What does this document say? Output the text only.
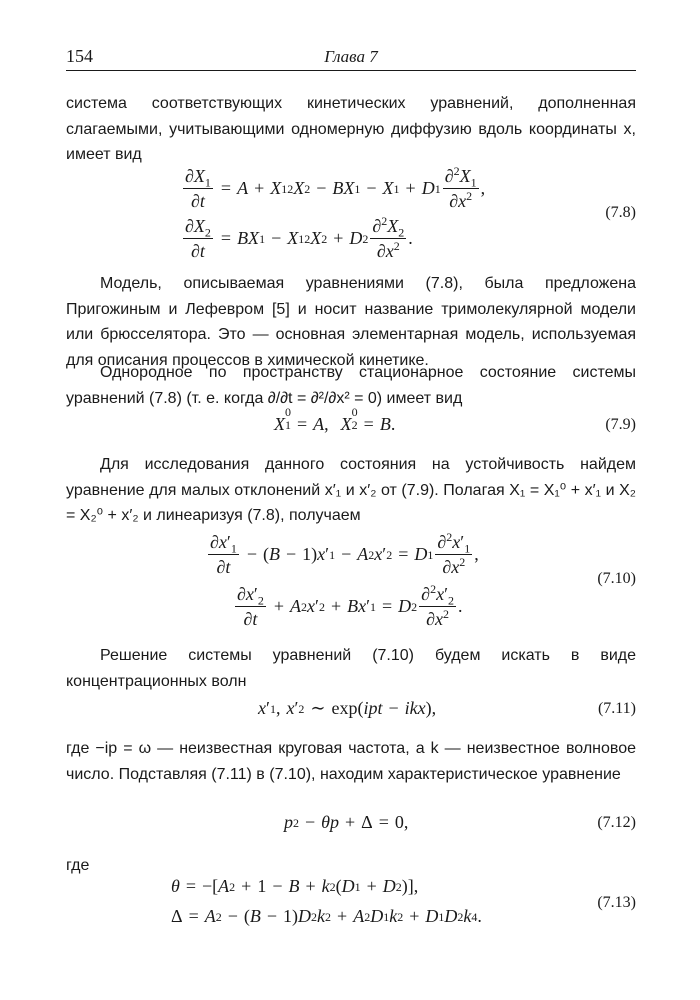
154	Глава 7

система соответствующих кинетических уравнений, дополненная слагаемыми, учитывающими одномерную диффузию вдоль координаты x, имеет вид

$\frac{\partial X_1}{\partial t} = A + X$ 1 2 X 2 − BX 1 − X 1 + D $1 \frac{\partial^2X_1}{\partial x^2}$ ,
$\frac{\partial X_2}{\partial t}$ = BX 1 − X 1 2 X 2 + D $2 \frac{\partial^2X_2}{\partial x^2}$ .
(7.8)

Модель, описываемая уравнениями (7.8), была предложена Пригожиным и Лефевром [5] и носит название тримолекулярной модели или брюсселятора. Это — основная элементарная модель, используемая для описания процессов в химической кинетике.

Однородное по пространству стационарное состояние системы уравнений (7.8) (т. е. когда ∂/∂t = ∂²/∂x² = 0) имеет вид

X
0
1 = A , X
0
2 = B .	(7.9)

Для исследования данного состояния на устойчивость найдем уравнение для малых отклонений x′₁ и x′₂ от (7.9). Полагая X₁ = X₁⁰ + x′₁ и X₂ = X₂⁰ + x′₂ и линеаризуя (7.8), получаем

$\frac{\partial x'_1}{\partial t}$ − ( B − 1) x ′ 1 − A 2 x ′ 2 = D $1 \frac{\partial^2x'_1}{\partial x^2}$ ,
$\frac{\partial x'_2}{\partial t} + A$ 2 x ′ 2 + Bx ′ 1 = D $2 \frac{\partial^2x'_2}{\partial x^2}$ .
(7.10)

Решение системы уравнений (7.10) будем искать в виде концентрационных волн

x ′ 1 , x ′ 2 ∼ exp( ipt − ikx ),	(7.11)

где −ip = ω — неизвестная круговая частота, а k — неизвестное волновое число. Подставляя (7.11) в (7.10), находим характеристическое уравнение

p 2 − θp + Δ = 0,	(7.12)

где

θ = −[ A 2 + 1 − B + k 2 ( D 1 + D 2 )],
Δ = A 2 − ( B − 1) D 2 k 2 + A 2 D 1 k 2 + D 1 D 2 k 4 .
(7.13)
